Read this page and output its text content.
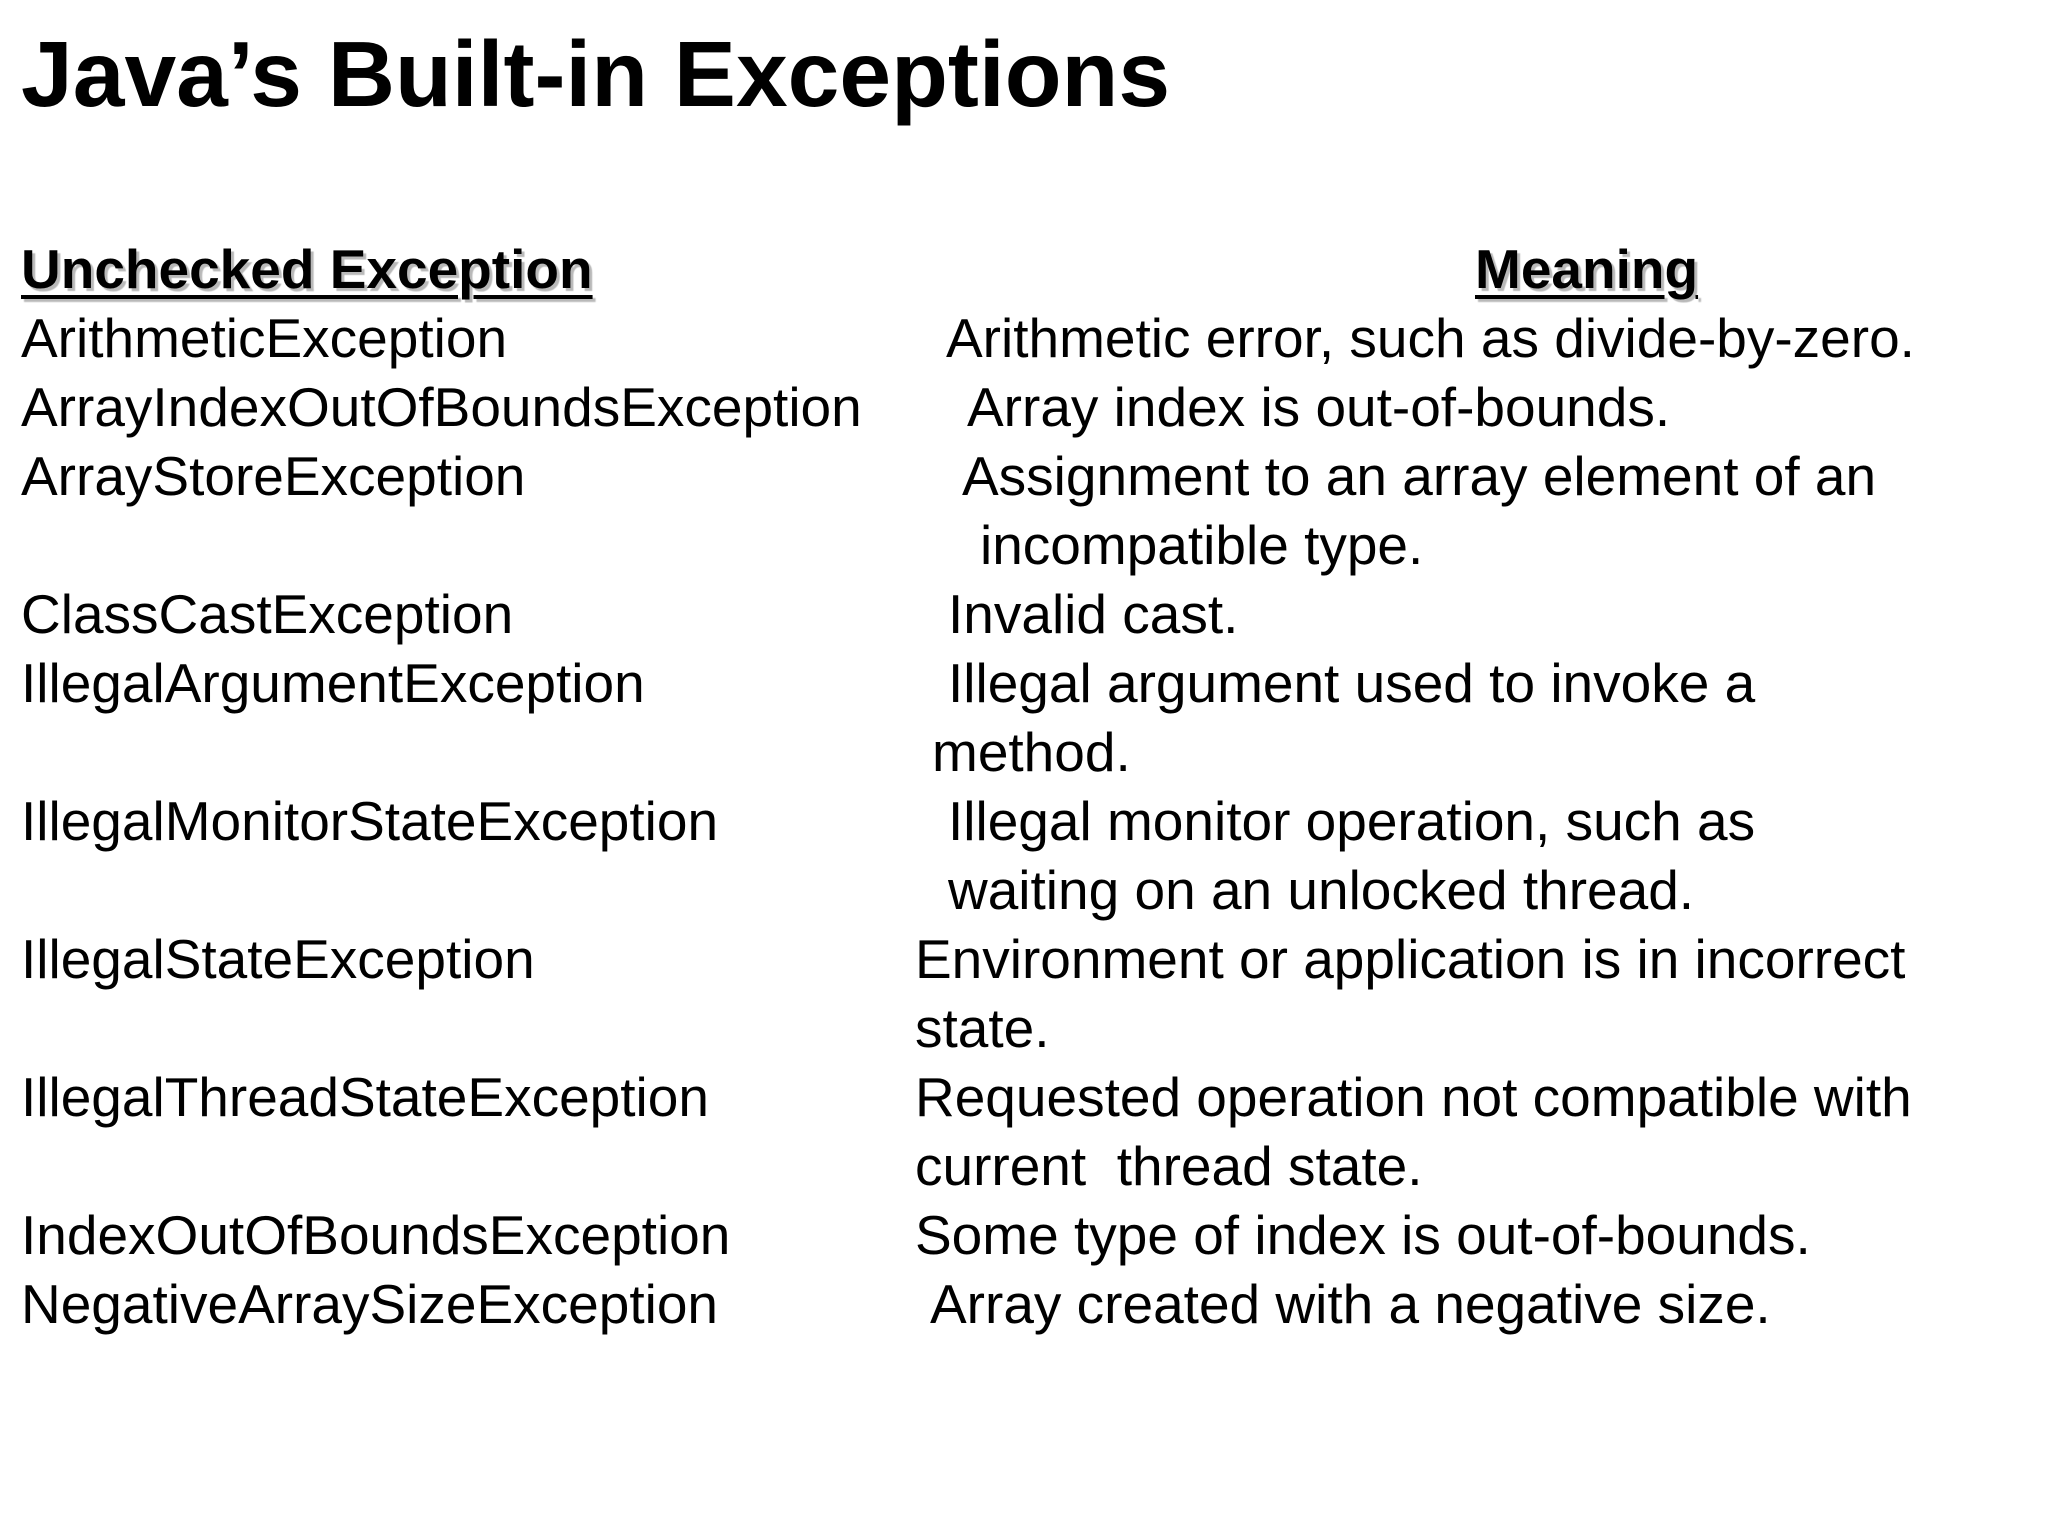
Java’s Built-in Exceptions
Unchecked Exception	Meaning
ArithmeticException	Arithmetic error, such as divide-by-zero.
ArrayIndexOutOfBoundsException Array index is out-of-bounds.
ArrayStoreException	Assignment to an array element of an
incompatible type.
ClassCastException	Invalid cast.
IllegalArgumentException	Illegal argument used to invoke a
method.
IllegalMonitorStateException	Illegal monitor operation, such as
waiting on an unlocked thread.
IllegalStateException	Environment or application is in incorrect
state.
IllegalThreadStateException	Requested operation not compatible with
current  thread state.
IndexOutOfBoundsException	Some type of index is out-of-bounds.
NegativeArraySizeException	Array created with a negative size.
